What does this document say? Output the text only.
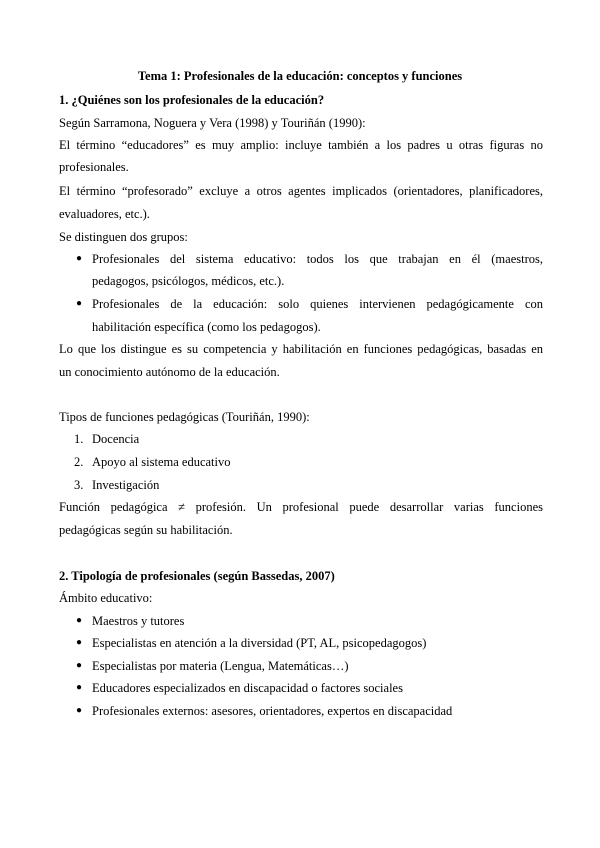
Tema 1: Profesionales de la educación: conceptos y funciones
1. ¿Quiénes son los profesionales de la educación?
Según Sarramona, Noguera y Vera (1998) y Touriñán (1990):
El término “educadores” es muy amplio: incluye también a los padres u otras figuras no
profesionales.
El término “profesorado” excluye a otros agentes implicados (orientadores, planificadores,
evaluadores, etc.).
Se distinguen dos grupos:
● Profesionales del sistema educativo: todos los que trabajan en él (maestros,
pedagogos, psicólogos, médicos, etc.).
● Profesionales de la educación: solo quienes intervienen pedagógicamente con
habilitación específica (como los pedagogos).
Lo que los distingue es su competencia y habilitación en funciones pedagógicas, basadas en
un conocimiento autónomo de la educación.
Tipos de funciones pedagógicas (Touriñán, 1990):
1. Docencia
2. Apoyo al sistema educativo
3. Investigación
Función pedagógica ≠ profesión. Un profesional puede desarrollar varias funciones
pedagógicas según su habilitación.
2. Tipología de profesionales (según Bassedas, 2007)
Ámbito educativo:
● Maestros y tutores
● Especialistas en atención a la diversidad (PT, AL, psicopedagogos)
● Especialistas por materia (Lengua, Matemáticas…)
● Educadores especializados en discapacidad o factores sociales
● Profesionales externos: asesores, orientadores, expertos en discapacidad
